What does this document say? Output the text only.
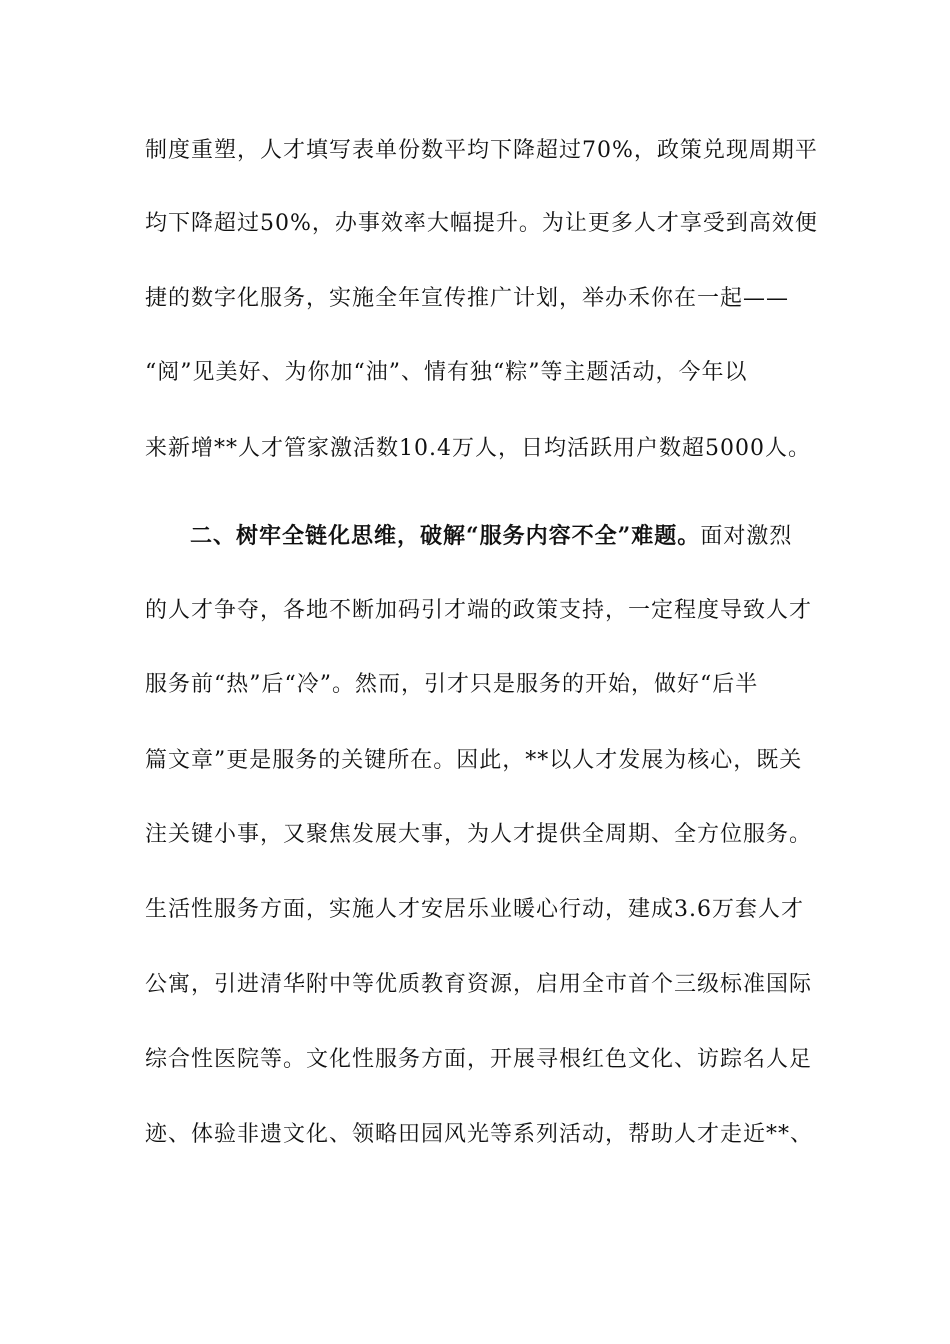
制度重塑，人才填写表单份数平均下降超过70%，政策兑现周期平
均下降超过50%，办事效率大幅提升。为让更多人才享受到高效便
捷的数字化服务，实施全年宣传推广计划，举办禾你在一起——
“阅”见美好、为你加“油”、情有独“粽”等主题活动，今年以
来新增**人才管家激活数10.4万人，日均活跃用户数超5000人。
二、树牢全链化思维，破解“服务内容不全”难题。面对激烈
的人才争夺，各地不断加码引才端的政策支持，一定程度导致人才
服务前“热”后“冷”。然而，引才只是服务的开始，做好“后半
篇文章”更是服务的关键所在。因此，**以人才发展为核心，既关
注关键小事，又聚焦发展大事，为人才提供全周期、全方位服务。
生活性服务方面，实施人才安居乐业暖心行动，建成3.6万套人才
公寓，引进清华附中等优质教育资源，启用全市首个三级标准国际
综合性医院等。文化性服务方面，开展寻根红色文化、访踪名人足
迹、体验非遗文化、领略田园风光等系列活动，帮助人才走近**、
